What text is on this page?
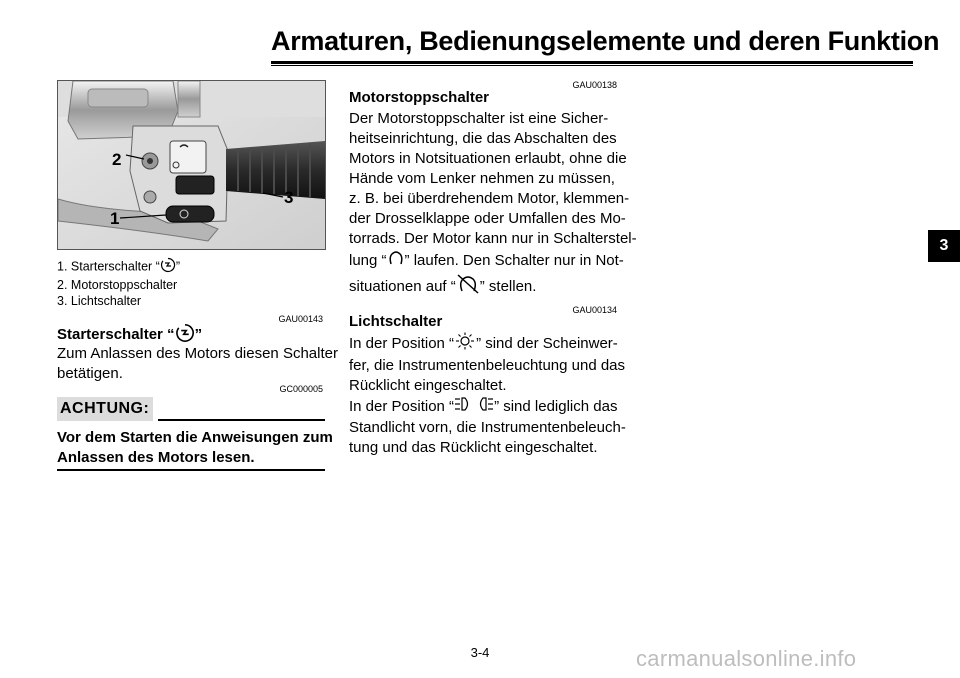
Armaturen, Bedienungselemente und deren Funktion
2
3
1
1. Starterschalter “ ”
2. Motorstoppschalter
3. Lichtschalter
GAU00143
Starterschalter “ ”
Zum Anlassen des Motors diesen Schalter
betätigen.
GC000005
ACHTUNG:
Vor dem Starten die Anweisungen zum
Anlassen des Motors lesen.
GAU00138
Motorstoppschalter
Der Motorstoppschalter ist eine Sicher-
heitseinrichtung, die das Abschalten des
Motors in Notsituationen erlaubt, ohne die
Hände vom Lenker nehmen zu müssen,
z. B. bei überdrehendem Motor, klemmen-
der Drosselklappe oder Umfallen des Mo-
torrads. Der Motor kann nur in Schalterstel-
lung “ ” laufen. Den Schalter nur in Not-
situationen auf “ ” stellen.
GAU00134
Lichtschalter
In der Position “ ” sind der Scheinwer-
fer, die Instrumentenbeleuchtung und das
Rücklicht eingeschaltet.
In der Position “	” sind lediglich das
Standlicht vorn, die Instrumentenbeleuch-
tung und das Rücklicht eingeschaltet.
3
3-4	carmanualsonline.info
